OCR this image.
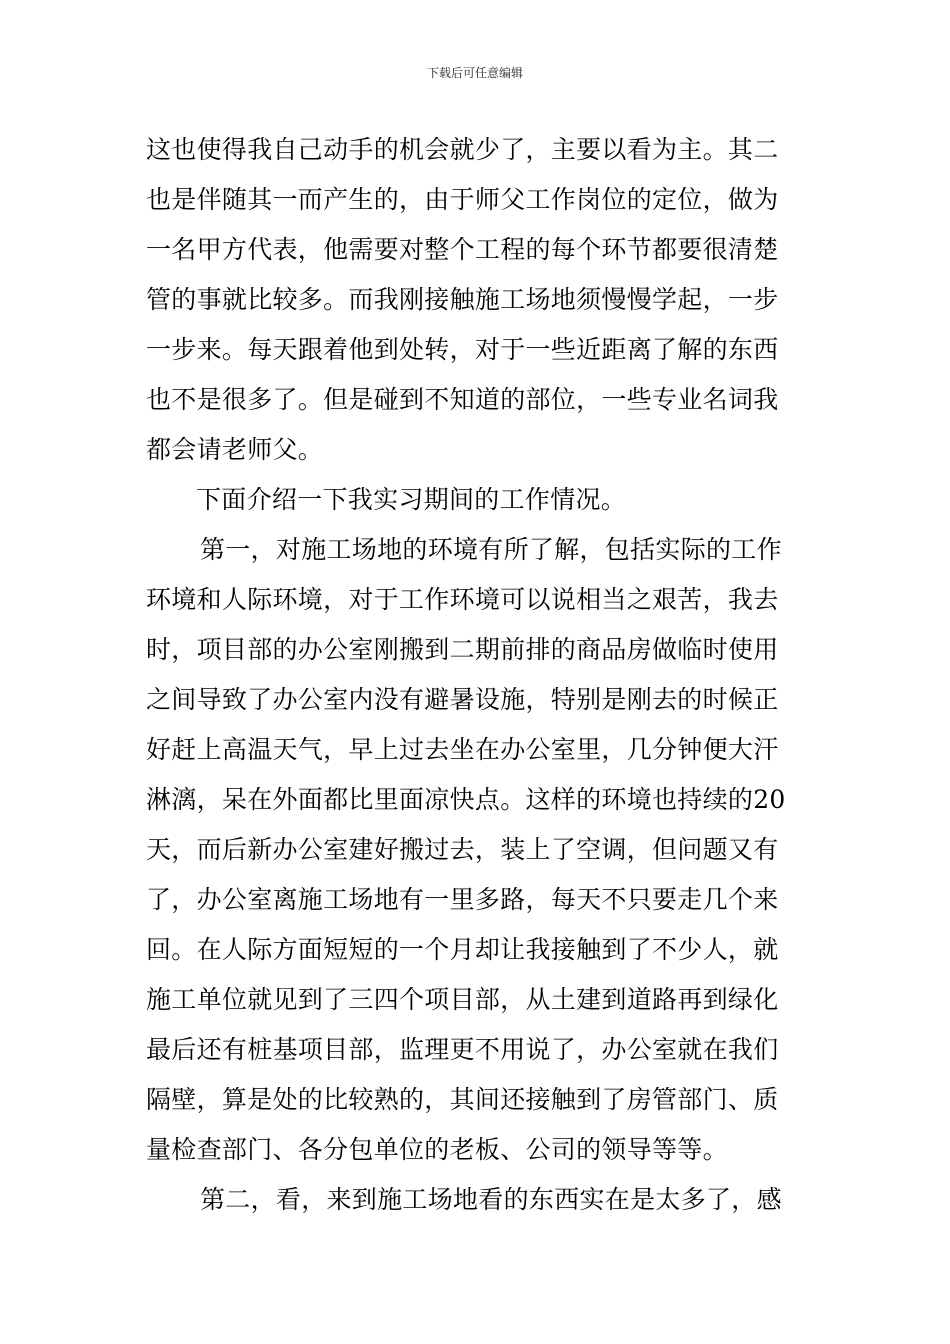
下载后可任意编辑
这也使得我自己动手的机会就少了，主要以看为主。其二
也是伴随其一而产生的，由于师父工作岗位的定位，做为
一名甲方代表，他需要对整个工程的每个环节都要很清楚
管的事就比较多。而我刚接触施工场地须慢慢学起，一步
一步来。每天跟着他到处转，对于一些近距离了解的东西
也不是很多了。但是碰到不知道的部位，一些专业名词我
都会请老师父。
下面介绍一下我实习期间的工作情况。
第一，对施工场地的环境有所了解，包括实际的工作
环境和人际环境，对于工作环境可以说相当之艰苦，我去
时，项目部的办公室刚搬到二期前排的商品房做临时使用
之间导致了办公室内没有避暑设施，特别是刚去的时候正
好赶上高温天气，早上过去坐在办公室里，几分钟便大汗
淋漓，呆在外面都比里面凉快点。这样的环境也持续的20
天，而后新办公室建好搬过去，装上了空调，但问题又有
了，办公室离施工场地有一里多路，每天不只要走几个来
回。在人际方面短短的一个月却让我接触到了不少人，就
施工单位就见到了三四个项目部，从土建到道路再到绿化
最后还有桩基项目部，监理更不用说了，办公室就在我们
隔壁，算是处的比较熟的，其间还接触到了房管部门、质
量检查部门、各分包单位的老板、公司的领导等等。
第二，看，来到施工场地看的东西实在是太多了，感
